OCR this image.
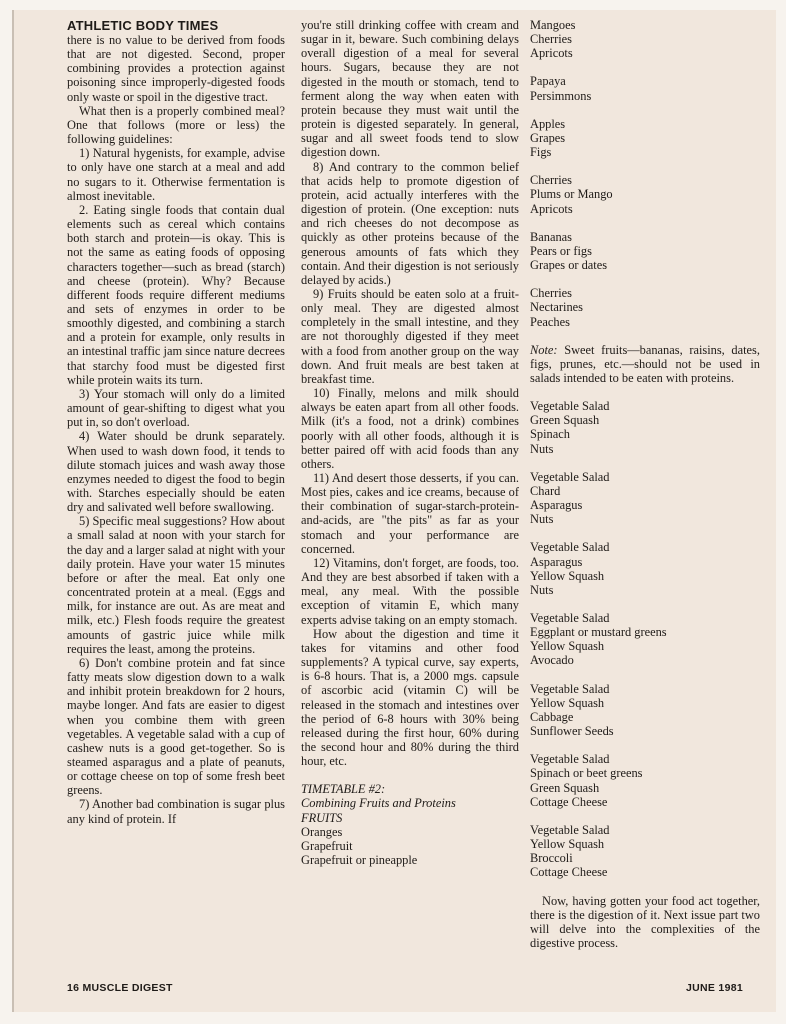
ATHLETIC BODY TIMES

there is no value to be derived from foods that are not digested. Second, proper combining provides a protection against poisoning since improperly-digested foods only waste or spoil in the digestive tract.

What then is a properly combined meal? One that follows (more or less) the following guidelines:

1) Natural hygenists, for example, advise to only have one starch at a meal and add no sugars to it. Otherwise fermentation is almost inevitable.

2. Eating single foods that contain dual elements such as cereal which contains both starch and protein—is okay. This is not the same as eating foods of opposing characters together—such as bread (starch) and cheese (protein). Why? Because different foods require different mediums and sets of enzymes in order to be smoothly digested, and combining a starch and a protein for example, only results in an intestinal traffic jam since nature decrees that starchy food must be digested first while protein waits its turn.

3) Your stomach will only do a limited amount of gear-shifting to digest what you put in, so don't overload.

4) Water should be drunk separately. When used to wash down food, it tends to dilute stomach juices and wash away those enzymes needed to digest the food to begin with. Starches especially should be eaten dry and salivated well before swallowing.

5) Specific meal suggestions? How about a small salad at noon with your starch for the day and a larger salad at night with your daily protein. Have your water 15 minutes before or after the meal. Eat only one concentrated protein at a meal. (Eggs and milk, for instance are out. As are meat and milk, etc.) Flesh foods require the greatest amounts of gastric juice while milk requires the least, among the proteins.

6) Don't combine protein and fat since fatty meats slow digestion down to a walk and inhibit protein breakdown for 2 hours, maybe longer. And fats are easier to digest when you combine them with green vegetables. A vegetable salad with a cup of cashew nuts is a good get-together. So is steamed asparagus and a plate of peanuts, or cottage cheese on top of some fresh beet greens.

7) Another bad combination is sugar plus any kind of protein. If

you're still drinking coffee with cream and sugar in it, beware. Such combining delays overall digestion of a meal for several hours. Sugars, because they are not digested in the mouth or stomach, tend to ferment along the way when eaten with protein because they must wait until the protein is digested separately. In general, sugar and all sweet foods tend to slow digestion down.

8) And contrary to the common belief that acids help to promote digestion of protein, acid actually interferes with the digestion of protein. (One exception: nuts and rich cheeses do not decompose as quickly as other proteins because of the generous amounts of fats which they contain. And their digestion is not seriously delayed by acids.)

9) Fruits should be eaten solo at a fruit-only meal. They are digested almost completely in the small intestine, and they are not thoroughly digested if they meet with a food from another group on the way down. And fruit meals are best taken at breakfast time.

10) Finally, melons and milk should always be eaten apart from all other foods. Milk (it's a food, not a drink) combines poorly with all other foods, although it is better paired off with acid foods than any others.

11) And desert those desserts, if you can. Most pies, cakes and ice creams, because of their combination of sugar-starch-protein-and-acids, are "the pits" as far as your stomach and your performance are concerned.

12) Vitamins, don't forget, are foods, too. And they are best absorbed if taken with a meal, any meal. With the possible exception of vitamin E, which many experts advise taking on an empty stomach.

How about the digestion and time it takes for vitamins and other food supplements? A typical curve, say experts, is 6-8 hours. That is, a 2000 mgs. capsule of ascorbic acid (vitamin C) will be released in the stomach and intestines over the period of 6-8 hours with 30% being released during the first hour, 60% during the second hour and 80% during the third hour, etc.

TIMETABLE #2:
Combining Fruits and Proteins
FRUITS
Oranges
Grapefruit
Grapefruit or pineapple
Mangoes
Cherries
Apricots
Papaya
Persimmons
Apples
Grapes
Figs
Cherries
Plums or Mango
Apricots
Bananas
Pears or figs
Grapes or dates
Cherries
Nectarines
Peaches
Note: Sweet fruits—bananas, raisins, dates, figs, prunes, etc.—should not be used in salads intended to be eaten with proteins.
Vegetable Salad
Green Squash
Spinach
Nuts
Vegetable Salad
Chard
Asparagus
Nuts
Vegetable Salad
Asparagus
Yellow Squash
Nuts
Vegetable Salad
Eggplant or mustard greens
Yellow Squash
Avocado
Vegetable Salad
Yellow Squash
Cabbage
Sunflower Seeds
Vegetable Salad
Spinach or beet greens
Green Squash
Cottage Cheese
Vegetable Salad
Yellow Squash
Broccoli
Cottage Cheese

Now, having gotten your food act together, there is the digestion of it. Next issue part two will delve into the complexities of the digestive process.

16 MUSCLE DIGEST	JUNE 1981
